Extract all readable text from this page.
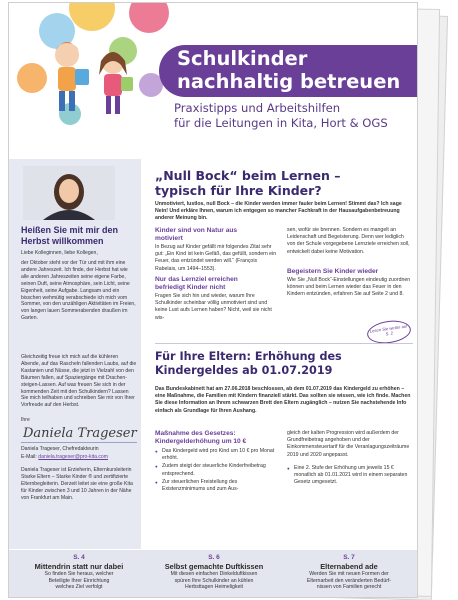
Schulkinder
nachhaltig betreuen
Praxistipps und Arbeitshilfen
für die Leitungen in Kita, Hort & OGS
Heißen Sie mit mir den
Herbst willkommen
Liebe Kolleginnen, liebe Kollegen,
der Oktober steht vor der Tür und mit ihm eine andere Jahreszeit. Ich finde, der Herbst hat wie alle anderen Jahreszeiten seine eigene Farbe, seinen Duft, seine Atmosphäre, sein Licht, seine Eigenheit, seine Aufgabe. Langsam und ein bisschen wehmütig verabschiede ich mich vom Sommer, von den unzähligen Aktivitäten im Freien, von langen lauen Sommerabenden draußen im Garten.
Gleichzeitig freue ich mich auf die kühleren Abende, auf das Rascheln fallenden Laubs, auf die Kastanien und Nüsse, die jetzt in Vielzahl von den Bäumen fallen, auf Spaziergänge mit Drachen-steigen-Lassen. Auf was freuen Sie sich in der kommenden Zeit mit den Schulkindern? Lassen Sie mich teilhaben und schreiben Sie mir von Ihrer Vorfreude auf den Herbst.
Ihre
Daniela Trageser
Daniela Trageser, Chefredakteurin
E-Mail: daniela.trageser@pro-kita.com
Daniela Trageser ist Erzieherin, Elternkursleiterin Starke Eltern – Starke Kinder ® und zertifizierte Elternbegleiterin. Derzeit leitet sie eine große Kita für Kinder zwischen 3 und 10 Jahren in der Nähe von Frankfurt am Main.
„Null Bock“ beim Lernen –
typisch für Ihre Kinder?
Unmotiviert, lustlos, null Bock – die Kinder werden immer fauler beim Lernen! Stimmt das? Ich sage Nein! Und erkläre Ihnen, warum ich entgegen so mancher Fachkraft in der Hausaufgabenbetreuung anderer Meinung bin.
Kinder sind von Natur aus
motiviert
In Bezug auf Kinder gefällt mir folgendes Zitat sehr gut: „Ein Kind ist kein Gefäß, das gefüllt, sondern ein Feuer, das entzündet werden will.“ (François Rabelais, um 1494–1553).
Nur das Lernziel erreichen
befriedigt Kinder nicht
Fragen Sie sich hin und wieder, warum Ihre Schulkinder scheinbar völlig unmotiviert sind und keine Lust aufs Lernen haben? Nicht, weil sie nicht wis-
sen, wofür sie brennen. Sondern es mangelt an Leidenschaft und Begeisterung. Denn wer lediglich von der Schule vorgegebene Lernziele erreichen soll, entwickelt dabei keine Motivation.
Begeistern Sie Kinder wieder
Wie Sie „Null Bock“-Einstellungen eindeutig zuordnen können und beim Lernen wieder das Feuer in den Kindern entzünden, erfahren Sie auf Seite 2 und 8.
Lesen Sie weiter auf S. 2
Für Ihre Eltern: Erhöhung des
Kindergeldes ab 01.07.2019
Das Bundeskabinett hat am 27.06.2018 beschlossen, ab dem 01.07.2019 das Kindergeld zu erhöhen – eine Maßnahme, die Familien mit Kindern finanziell stärkt. Das sollten sie wissen, wie ich finde. Machen Sie diese Information an Ihrem schwarzen Brett den Eltern zugänglich – nutzen Sie nachstehende Info einfach als Grundlage für Ihren Aushang.
Maßnahme des Gesetzes:
Kindergelderhöhung um 10 €
● Das Kindergeld wird pro Kind um 10 € pro Monat erhöht.
● Zudem steigt der steuerliche Kinderfreibetrag entsprechend.
● Zur steuerlichen Freistellung des Existenzminimums und zum Aus-
gleich der kalten Progression wird außerdem der Grundfreibetrag angehoben und der Einkommensteuertarif für die Veranlagungszeiträume 2019 und 2020 angepasst.
● Eine 2. Stufe der Erhöhung um jeweils 15 € monatlich ab 01.01.2021 wird in einem separaten Gesetz umgesetzt.
S. 4
Mittendrin statt nur dabei
So finden Sie heraus, welcher
Beteiligte Ihrer Einrichtung
welches Ziel verfolgt
S. 6
Selbst gemachte Duftkissen
Mit diesen einfachen Dinkelduftkissen
spüren Ihre Schulkinder an kühlen
Herbsttagen Heimeligkeit
S. 7
Elternabend ade
Werden Sie mit neuen Formen der
Elternarbeit den veränderten Bedürf-
nissen von Familien gerecht
